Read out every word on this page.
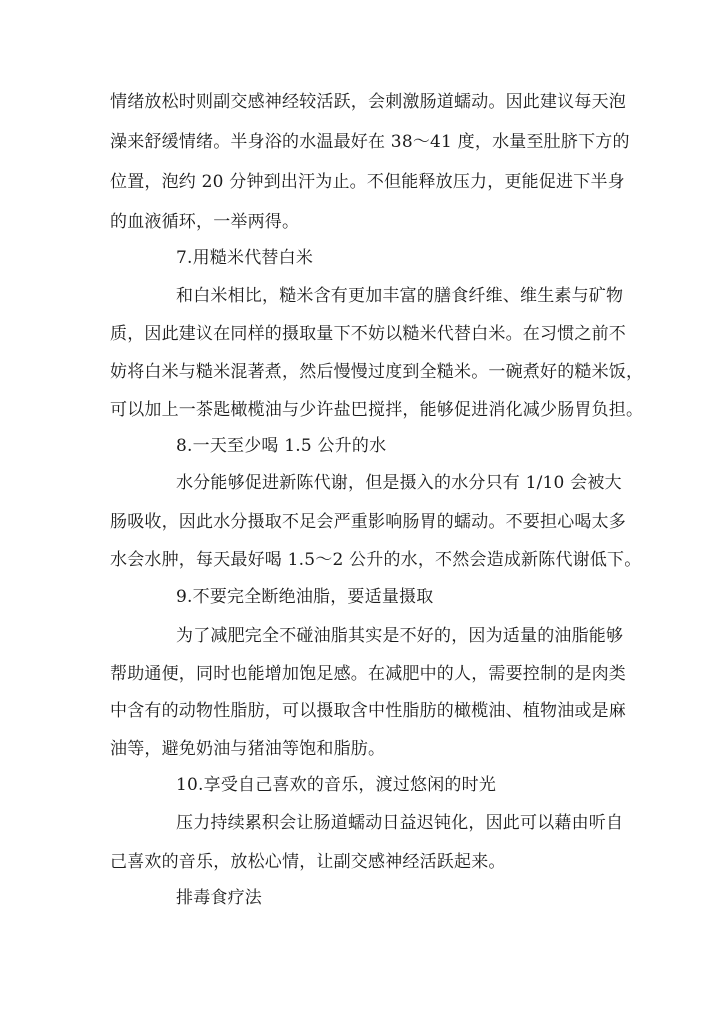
情绪放松时则副交感神经较活跃，会刺激肠道蠕动。因此建议每天泡
澡来舒缓情绪。半身浴的水温最好在 38～41 度，水量至肚脐下方的
位置，泡约 20 分钟到出汗为止。不但能释放压力，更能促进下半身
的血液循环，一举两得。
7.用糙米代替白米
和白米相比，糙米含有更加丰富的膳食纤维、维生素与矿物
质，因此建议在同样的摄取量下不妨以糙米代替白米。在习惯之前不
妨将白米与糙米混著煮，然后慢慢过度到全糙米。一碗煮好的糙米饭，
可以加上一茶匙橄榄油与少许盐巴搅拌，能够促进消化减少肠胃负担。
8.一天至少喝 1.5 公升的水
水分能够促进新陈代谢，但是摄入的水分只有 1/10 会被大
肠吸收，因此水分摄取不足会严重影响肠胃的蠕动。不要担心喝太多
水会水肿，每天最好喝 1.5～2 公升的水，不然会造成新陈代谢低下。
9.不要完全断绝油脂，要适量摄取
为了减肥完全不碰油脂其实是不好的，因为适量的油脂能够
帮助通便，同时也能增加饱足感。在减肥中的人，需要控制的是肉类
中含有的动物性脂肪，可以摄取含中性脂肪的橄榄油、植物油或是麻
油等，避免奶油与猪油等饱和脂肪。
10.享受自己喜欢的音乐，渡过悠闲的时光
压力持续累积会让肠道蠕动日益迟钝化，因此可以藉由听自
己喜欢的音乐，放松心情，让副交感神经活跃起来。
排毒食疗法
